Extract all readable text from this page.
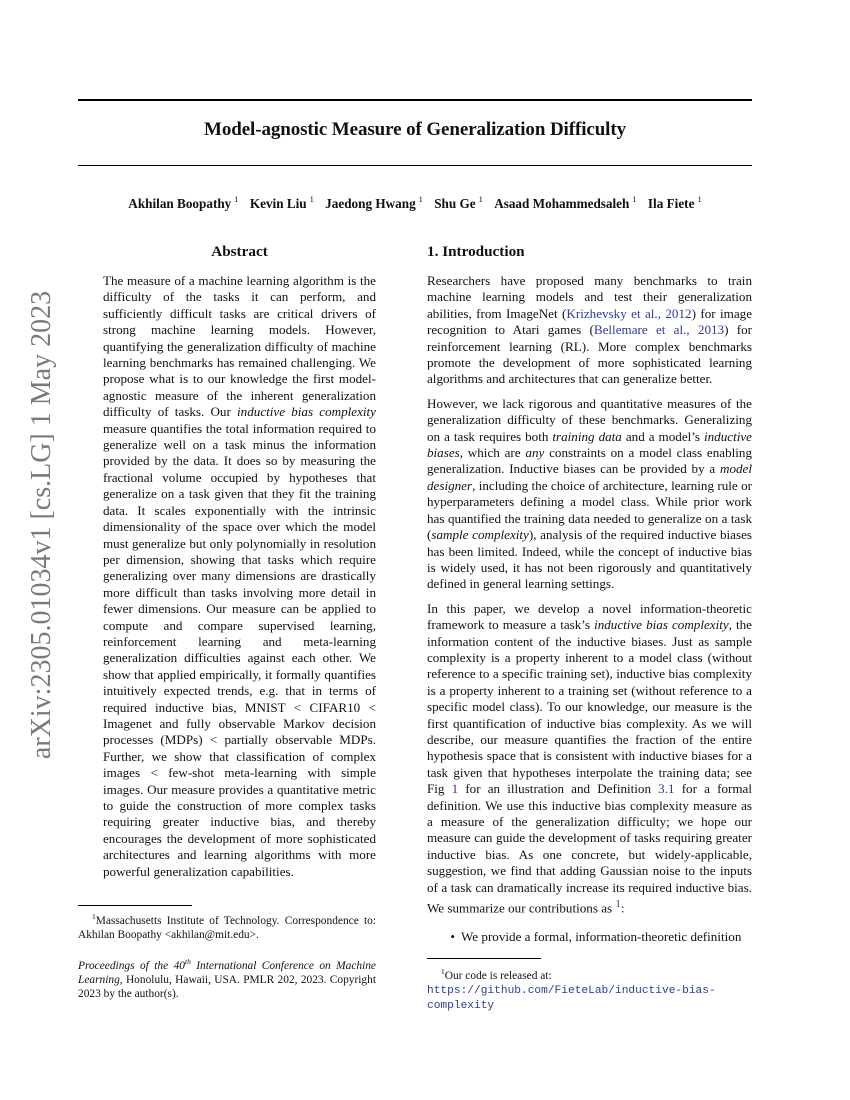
Model-agnostic Measure of Generalization Difficulty
Akhilan Boopathy $^1$ Kevin Liu $^1$ Jaedong Hwang $^1$ Shu Ge $^1$ Asaad Mohammedsaleh $^1$ Ila Fiete $^1$
arXiv:2305.01034v1 [cs.LG] 1 May 2023
Abstract

The measure of a machine learning algorithm is the difficulty of the tasks it can perform, and sufficiently difficult tasks are critical drivers of strong machine learning models. However, quantifying the generalization difficulty of machine learning benchmarks has remained challenging. We propose what is to our knowledge the first model-agnostic measure of the inherent generalization difficulty of tasks. Our inductive bias complexity measure quantifies the total information required to generalize well on a task minus the information provided by the data. It does so by measuring the fractional volume occupied by hypotheses that generalize on a task given that they fit the training data. It scales exponentially with the intrinsic dimensionality of the space over which the model must generalize but only polynomially in resolution per dimension, showing that tasks which require generalizing over many dimensions are drastically more difficult than tasks involving more detail in fewer dimensions. Our measure can be applied to compute and compare supervised learning, reinforcement learning and meta-learning generalization difficulties against each other. We show that applied empirically, it formally quantifies intuitively expected trends, e.g. that in terms of required inductive bias, MNIST < CIFAR10 < Imagenet and fully observable Markov decision processes (MDPs) < partially observable MDPs. Further, we show that classification of complex images < few-shot meta-learning with simple images. Our measure provides a quantitative metric to guide the construction of more complex tasks requiring greater inductive bias, and thereby encourages the development of more sophisticated architectures and learning algorithms with more powerful generalization capabilities.

1. Introduction

Researchers have proposed many benchmarks to train machine learning models and test their generalization abilities, from ImageNet (Krizhevsky et al., 2012) for image recognition to Atari games (Bellemare et al., 2013) for reinforcement learning (RL). More complex benchmarks promote the development of more sophisticated learning algorithms and architectures that can generalize better.

However, we lack rigorous and quantitative measures of the generalization difficulty of these benchmarks. Generalizing on a task requires both training data and a model’s inductive biases, which are any constraints on a model class enabling generalization. Inductive biases can be provided by a model designer, including the choice of architecture, learning rule or hyperparameters defining a model class. While prior work has quantified the training data needed to generalize on a task (sample complexity), analysis of the required inductive biases has been limited. Indeed, while the concept of inductive bias is widely used, it has not been rigorously and quantitatively defined in general learning settings.

In this paper, we develop a novel information-theoretic framework to measure a task’s inductive bias complexity, the information content of the inductive biases. Just as sample complexity is a property inherent to a model class (without reference to a specific training set), inductive bias complexity is a property inherent to a training set (without reference to a specific model class). To our knowledge, our measure is the first quantification of inductive bias complexity. As we will describe, our measure quantifies the fraction of the entire hypothesis space that is consistent with inductive biases for a task given that hypotheses interpolate the training data; see Fig 1 for an illustration and Definition 3.1 for a formal definition. We use this inductive bias complexity measure as a measure of the generalization difficulty; we hope our measure can guide the development of tasks requiring greater inductive bias. As one concrete, but widely-applicable, suggestion, we find that adding Gaussian noise to the inputs of a task can dramatically increase its required inductive bias. We summarize our contributions as $^1$:

• We provide a formal, information-theoretic definition
$^1$Massachusetts Institute of Technology. Correspondence to: Akhilan Boopathy <akhilan@mit.edu>.

Proceedings of the 40th International Conference on Machine Learning, Honolulu, Hawaii, USA. PMLR 202, 2023. Copyright 2023 by the author(s).

$^1$Our code is released at: https://github.com/FieteLab/inductive-bias-complexity
